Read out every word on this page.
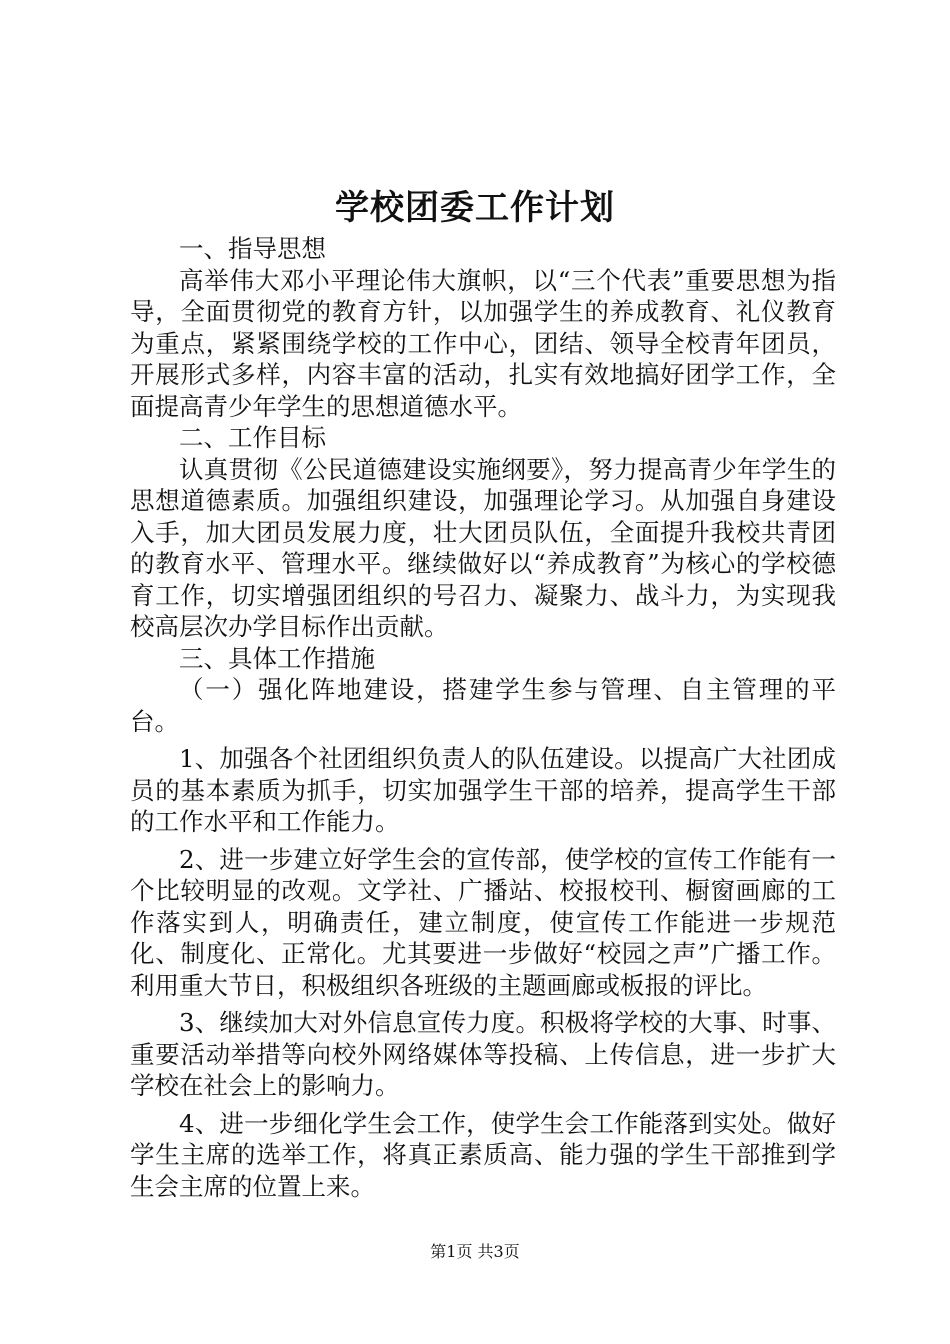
学校团委工作计划

一、指导思想

高举伟大邓小平理论伟大旗帜，以“三个代表”重要思想为指导，全面贯彻党的教育方针，以加强学生的养成教育、礼仪教育为重点，紧紧围绕学校的工作中心，团结、领导全校青年团员，开展形式多样，内容丰富的活动，扎实有效地搞好团学工作，全面提高青少年学生的思想道德水平。

二、工作目标

认真贯彻《公民道德建设实施纲要》，努力提高青少年学生的思想道德素质。加强组织建设，加强理论学习。从加强自身建设入手，加大团员发展力度，壮大团员队伍，全面提升我校共青团的教育水平、管理水平。继续做好以“养成教育”为核心的学校德育工作，切实增强团组织的号召力、凝聚力、战斗力，为实现我校高层次办学目标作出贡献。

三、具体工作措施

（一）强化阵地建设，搭建学生参与管理、自主管理的平台。

1、加强各个社团组织负责人的队伍建设。以提高广大社团成员的基本素质为抓手，切实加强学生干部的培养，提高学生干部的工作水平和工作能力。

2、进一步建立好学生会的宣传部，使学校的宣传工作能有一个比较明显的改观。文学社、广播站、校报校刊、橱窗画廊的工作落实到人，明确责任，建立制度，使宣传工作能进一步规范化、制度化、正常化。尤其要进一步做好“校园之声”广播工作。利用重大节日，积极组织各班级的主题画廊或板报的评比。

3、继续加大对外信息宣传力度。积极将学校的大事、时事、重要活动举措等向校外网络媒体等投稿、上传信息，进一步扩大学校在社会上的影响力。

4、进一步细化学生会工作，使学生会工作能落到实处。做好学生主席的选举工作，将真正素质高、能力强的学生干部推到学生会主席的位置上来。

第1页 共3页
